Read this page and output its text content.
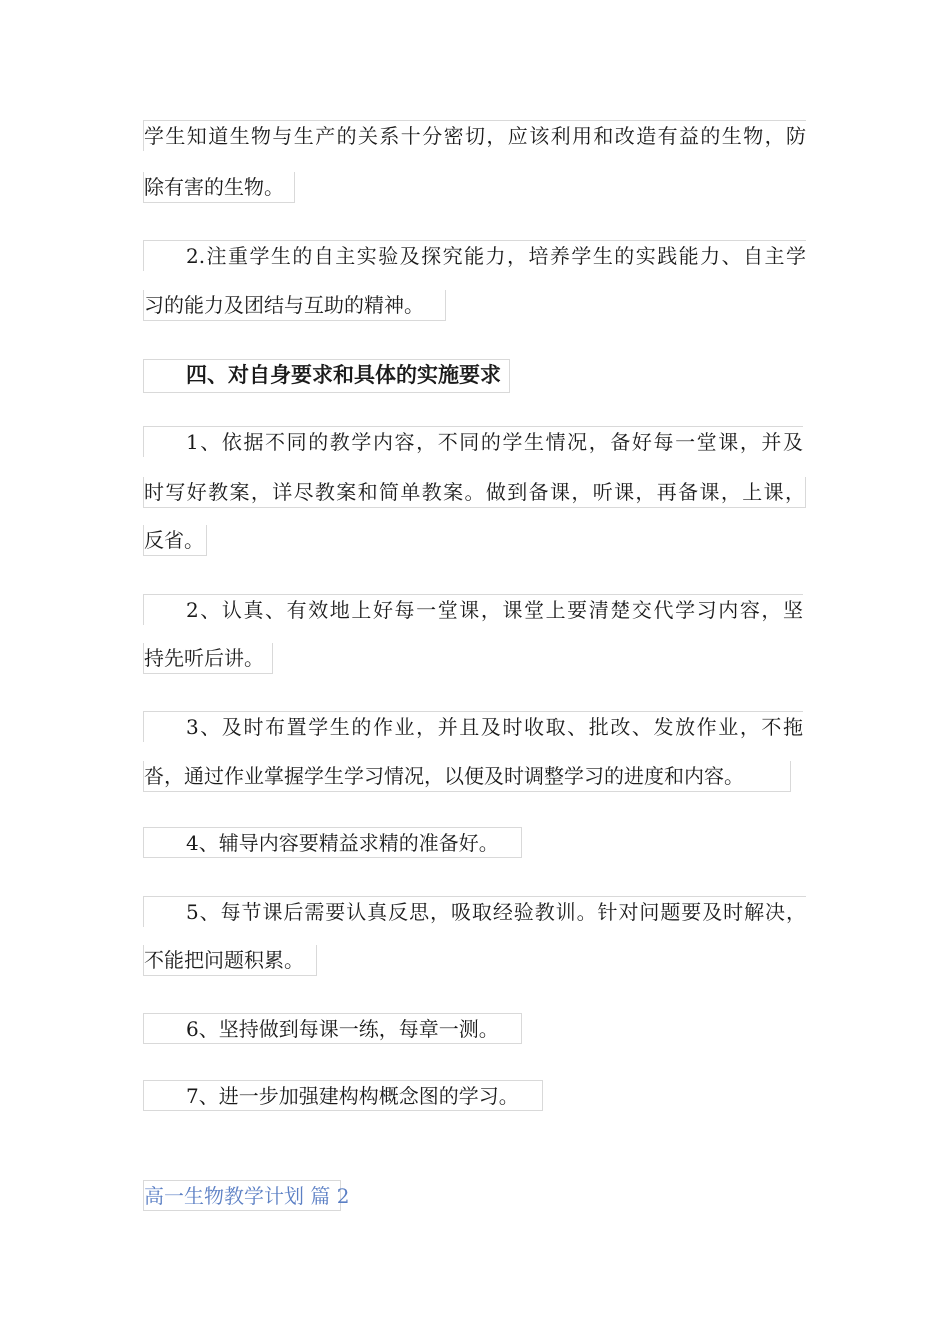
学生知道生物与生产的关系十分密切，应该利用和改造有益的生物，防
除有害的生物。
2.注重学生的自主实验及探究能力，培养学生的实践能力、自主学
习的能力及团结与互助的精神。
四、对自身要求和具体的实施要求
1、依据不同的教学内容，不同的学生情况，备好每一堂课，并及
时写好教案，详尽教案和简单教案。做到备课，听课，再备课，上课，
反省。
2、认真、有效地上好每一堂课，课堂上要清楚交代学习内容，坚
持先听后讲。
3、及时布置学生的作业，并且及时收取、批改、发放作业，不拖
沓，通过作业掌握学生学习情况，以便及时调整学习的进度和内容。
4、辅导内容要精益求精的准备好。
5、每节课后需要认真反思，吸取经验教训。针对问题要及时解决，
不能把问题积累。
6、坚持做到每课一练，每章一测。
7、进一步加强建构构概念图的学习。
高一生物教学计划 篇 2
